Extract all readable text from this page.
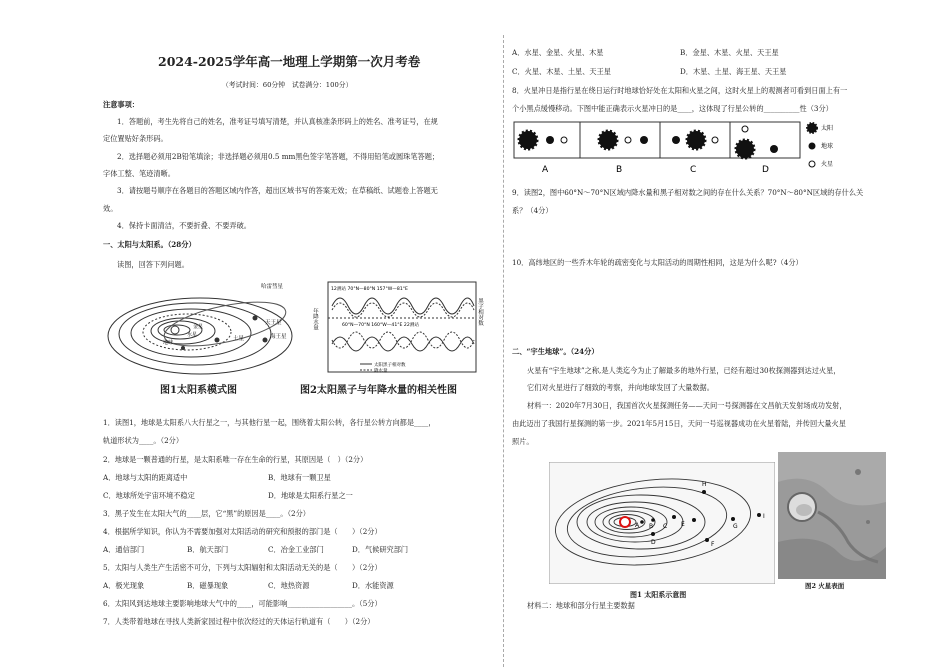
2024-2025学年高一地理上学期第一次月考卷
（考试时间：60分钟　试卷满分：100分）
注意事项：
1．答题前，考生先将自己的姓名，准考证号填写清楚，并认真核准条形码上的姓名、准考证号，在规
定位置贴好条形码。
2．选择题必须用2B铅笔填涂；非选择题必须用0.5 mm黑色签字笔答题，不得用铅笔或圆珠笔答题；
字体工整、笔迹清晰。
3．请按题号顺序在各题目的答题区域内作答，超出区域书写的答案无效；在草稿纸、试题卷上答题无
效。
4．保持卡面清洁，不要折叠、不要弄破。
一、太阳与太阳系。（28分）
读图，回答下列问题。
哈雷彗星
天王星
海王星
土星
金星
水星
地球
年降水量	黑子相对数
12测站 70°N—80°N 157°W—81°E
60°N—70°N 160°W—41°E 22测站
太阳黑子相对数
降水量
图1太阳系模式图	图2太阳黑子与年降水量的相关性图
1．读图1，地球是太阳系八大行星之一，与其他行星一起，围绕着太阳公转，各行星公转方向都是____，
轨道形状为____。（2分）
2．地球是一颗普通的行星，是太阳系唯一存在生命的行星，其原因是（　）（2分）
A．地球与太阳的距离适中	B．地球有一颗卫星
C．地球所处宇宙环境不稳定	D．地球是太阳系行星之一
3．黑子发生在太阳大气的____层，它“黑”的原因是____。（2分）
4．根据所学知识，你认为不需要加强对太阳活动的研究和预报的部门是（　　）（2分）
A．通信部门	B．航天部门	C．冶金工业部门	D．气候研究部门
5．太阳与人类生产生活密不可分，下列与太阳辐射和太阳活动无关的是（　　）（2分）
A．极光现象	B．磁暴现象	C．地热资源	D．水能资源
6．太阳风到达地球主要影响地球大气中的____，可能影响__________________。（5分）
7．人类带着地球在寻找人类新家园过程中依次经过的天体运行轨道有（　　）（2分）
A．水星、金星、火星、木星	B．金星、木星、火星、天王星
C．火星、木星、土星、天王星	D．木星、土星、海王星、天王星
8．火星冲日是指行星在绕日运行时地球恰好处在太阳和火星之间，这时火星上的观测者可看到日面上有一
个小黑点缓慢移动。下图中能正确表示火星冲日的是____，这体现了行星公转的__________性（3分）
A	B	C	D
太阳
地球
火星
9．读图2，图中60°N～70°N区域内降水量和黑子相对数之间的存在什么关系？70°N～80°N区域的存什么关
系？（4分）
10．高纬地区的一些乔木年轮的疏密变化与太阳活动的周期性相同，这是为什么呢?（4分）
二、“宇生地球”。（24分）
火星有“宇生地球”之称,是人类迄今为止了解最多的地外行星，已经有超过30枚探测器到达过火星，
它们对火星进行了细致的考察，并向地球发回了大量数据。
材料一：2020年7月30日，我国首次火星探测任务——天问一号探测器在文昌航天发射场成功发射，
由此迈出了我国行星探测的第一步。2021年5月15日，天问一号巡视器成功在火星着陆，并传回大量火星
照片。
A B C
D
E
F
G
H
I
图1 太阳系示意图
图2 火星表面
材料二：地球和部分行星主要数据
